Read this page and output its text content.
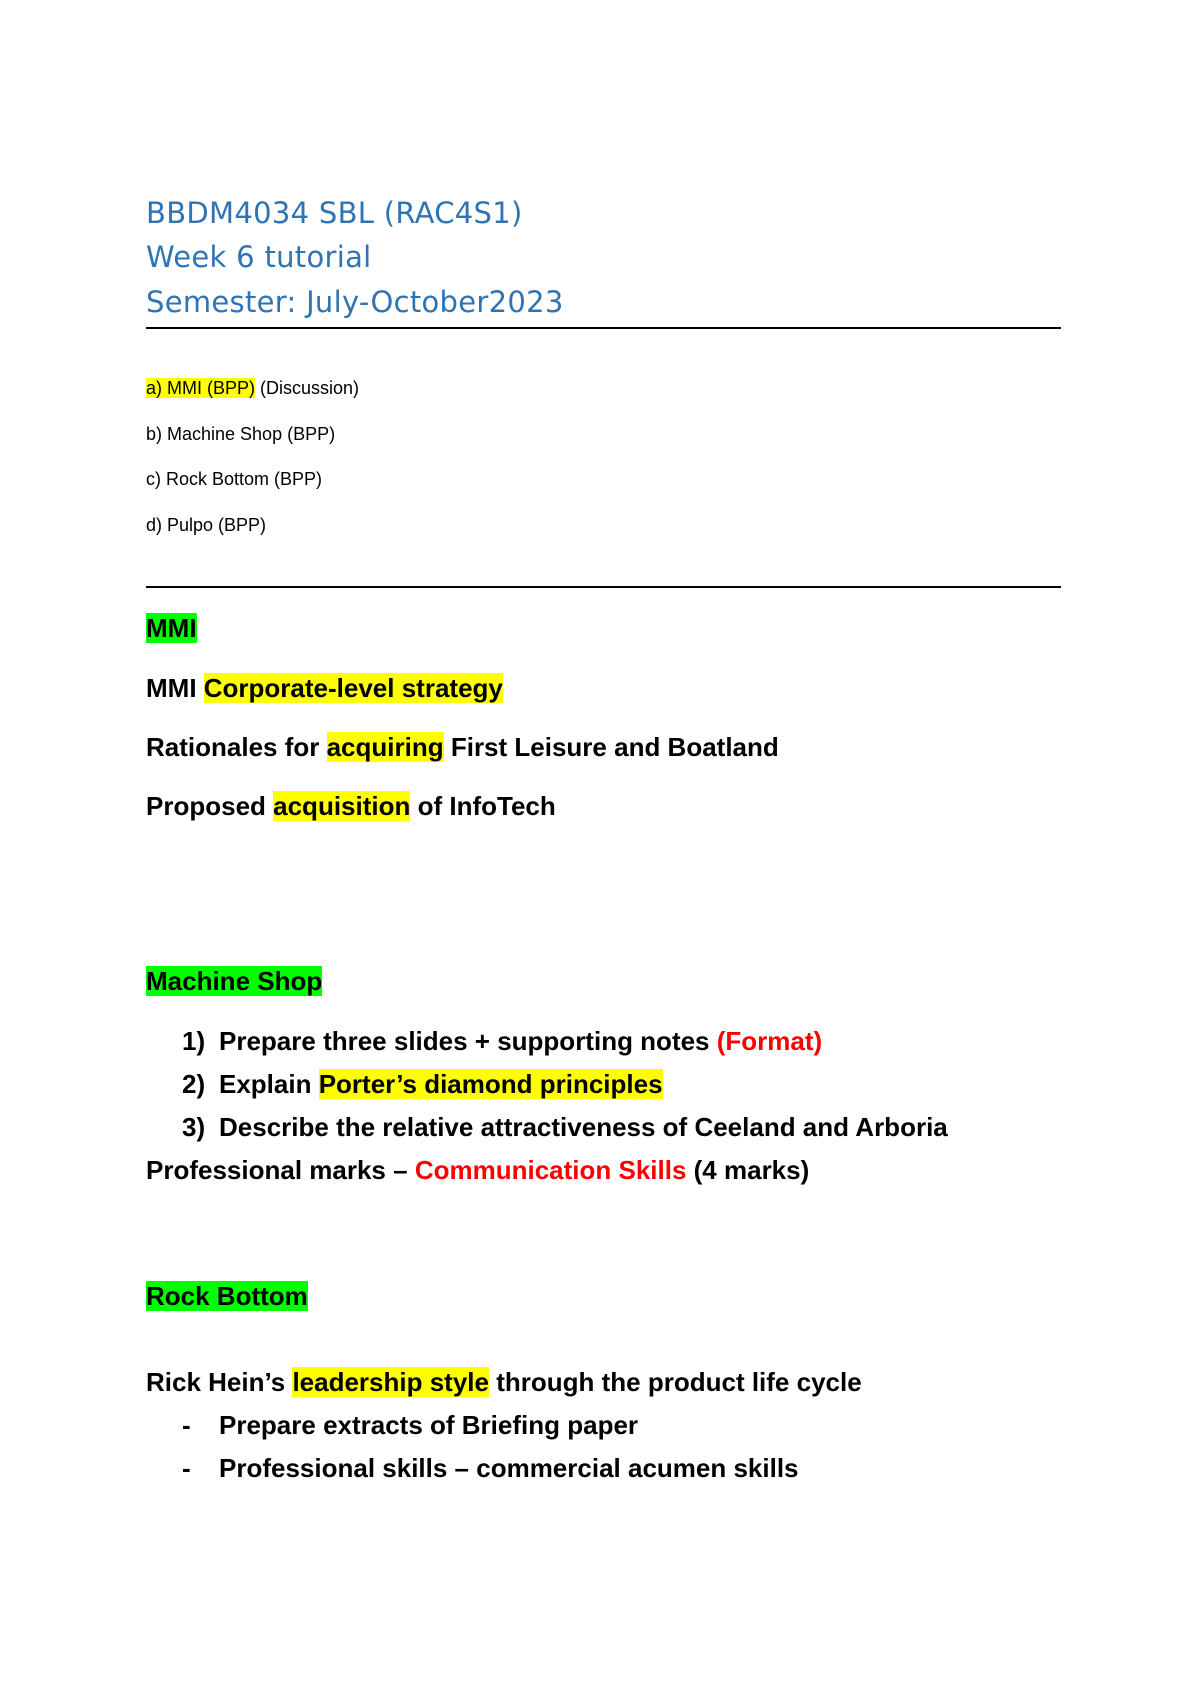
BBDM4034 SBL (RAC4S1)
Week 6 tutorial
Semester: July-October2023
a) MMI (BPP) (Discussion)
b) Machine Shop (BPP)
c) Rock Bottom (BPP)
d) Pulpo (BPP)
MMI
MMI Corporate-level strategy
Rationales for acquiring First Leisure and Boatland
Proposed acquisition of InfoTech
Machine Shop
1) Prepare three slides + supporting notes (Format)
2) Explain Porter’s diamond principles
3) Describe the relative attractiveness of Ceeland and Arboria
Professional marks – Communication Skills (4 marks)
Rock Bottom
Rick Hein’s leadership style through the product life cycle
- Prepare extracts of Briefing paper
- Professional skills – commercial acumen skills
